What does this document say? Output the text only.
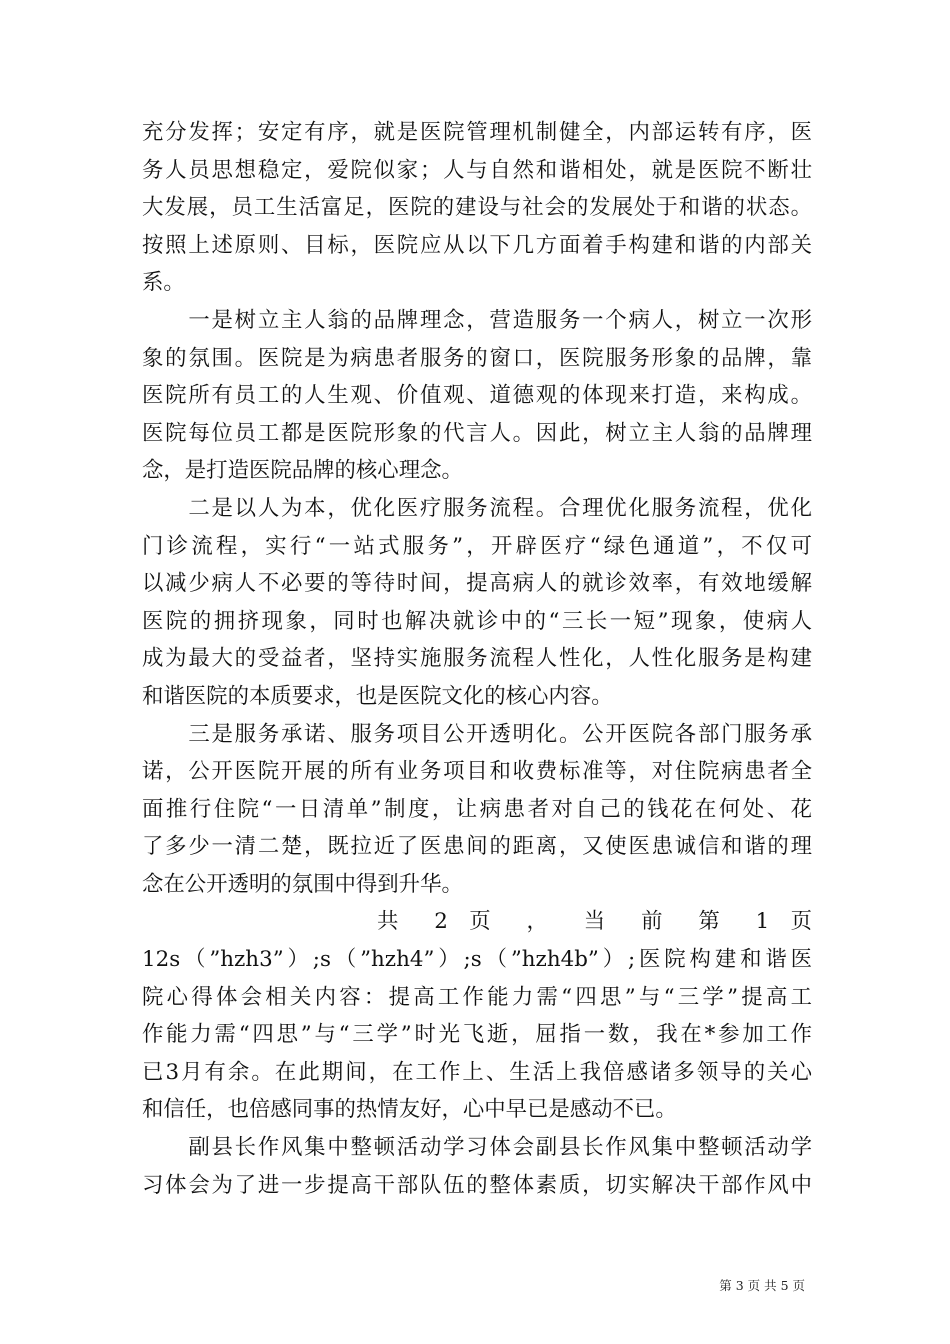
充分发挥；安定有序，就是医院管理机制健全，内部运转有序，医
务人员思想稳定，爱院似家；人与自然和谐相处，就是医院不断壮
大发展，员工生活富足，医院的建设与社会的发展处于和谐的状态。
按照上述原则、目标，医院应从以下几方面着手构建和谐的内部关
系。
　　一是树立主人翁的品牌理念，营造服务一个病人，树立一次形
象的氛围。医院是为病患者服务的窗口，医院服务形象的品牌，靠
医院所有员工的人生观、价值观、道德观的体现来打造，来构成。
医院每位员工都是医院形象的代言人。因此，树立主人翁的品牌理
念，是打造医院品牌的核心理念。
　　二是以人为本，优化医疗服务流程。合理优化服务流程，优化
门诊流程，实行“一站式服务”，开辟医疗“绿色通道”，不仅可
以减少病人不必要的等待时间，提高病人的就诊效率，有效地缓解
医院的拥挤现象，同时也解决就诊中的“三长一短”现象，使病人
成为最大的受益者，坚持实施服务流程人性化，人性化服务是构建
和谐医院的本质要求，也是医院文化的核心内容。
　　三是服务承诺、服务项目公开透明化。公开医院各部门服务承
诺，公开医院开展的所有业务项目和收费标准等，对住院病患者全
面推行住院“一日清单”制度，让病患者对自己的钱花在何处、花
了多少一清二楚，既拉近了医患间的距离，又使医患诚信和谐的理
念在公开透明的氛围中得到升华。
共 2 页 ， 当 前 第 1 页
12s（”hzh3”）;s（”hzh4”）;s（”hzh4b”）;医院构建和谐医
院心得体会相关内容：提高工作能力需“四思”与“三学”提高工
作能力需“四思”与“三学”时光飞逝，屈指一数，我在*参加工作
已3月有余。在此期间，在工作上、生活上我倍感诸多领导的关心
和信任，也倍感同事的热情友好，心中早已是感动不已。
　　副县长作风集中整顿活动学习体会副县长作风集中整顿活动学
习体会为了进一步提高干部队伍的整体素质，切实解决干部作风中
第 3 页 共 5 页
